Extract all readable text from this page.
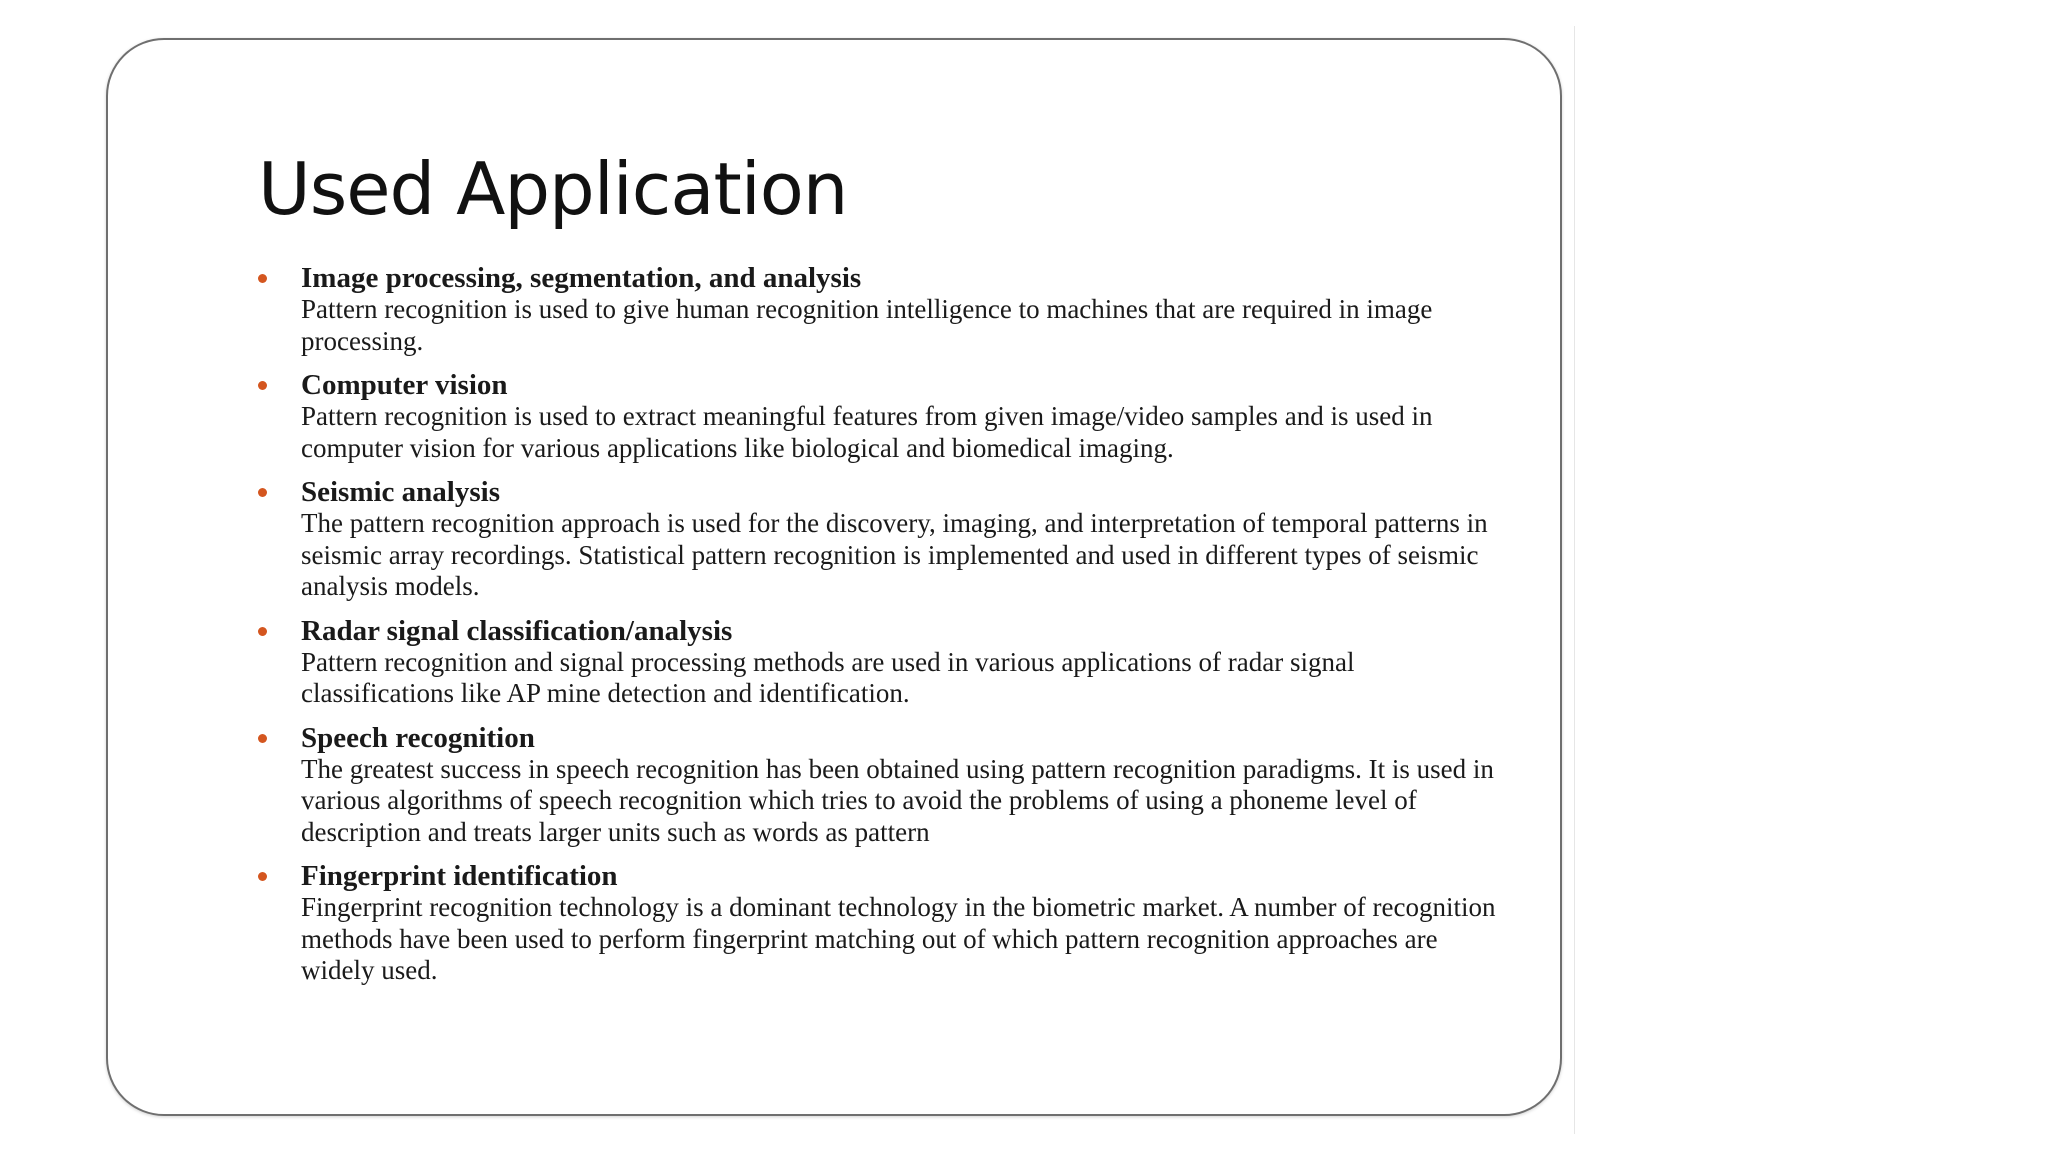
Used Application
Image processing, segmentation, and analysis
Pattern recognition is used to give human recognition intelligence to machines that are required in image processing.
Computer vision
Pattern recognition is used to extract meaningful features from given image/video samples and is used in computer vision for various applications like biological and biomedical imaging.
Seismic analysis
The pattern recognition approach is used for the discovery, imaging, and interpretation of temporal patterns in seismic array recordings. Statistical pattern recognition is implemented and used in different types of seismic analysis models.
Radar signal classification/analysis
Pattern recognition and signal processing methods are used in various applications of radar signal classifications like AP mine detection and identification.
Speech recognition
The greatest success in speech recognition has been obtained using pattern recognition paradigms. It is used in various algorithms of speech recognition which tries to avoid the problems of using a phoneme level of description and treats larger units such as words as pattern
Fingerprint identification
Fingerprint recognition technology is a dominant technology in the biometric market. A number of recognition methods have been used to perform fingerprint matching out of which pattern recognition approaches are widely used.
